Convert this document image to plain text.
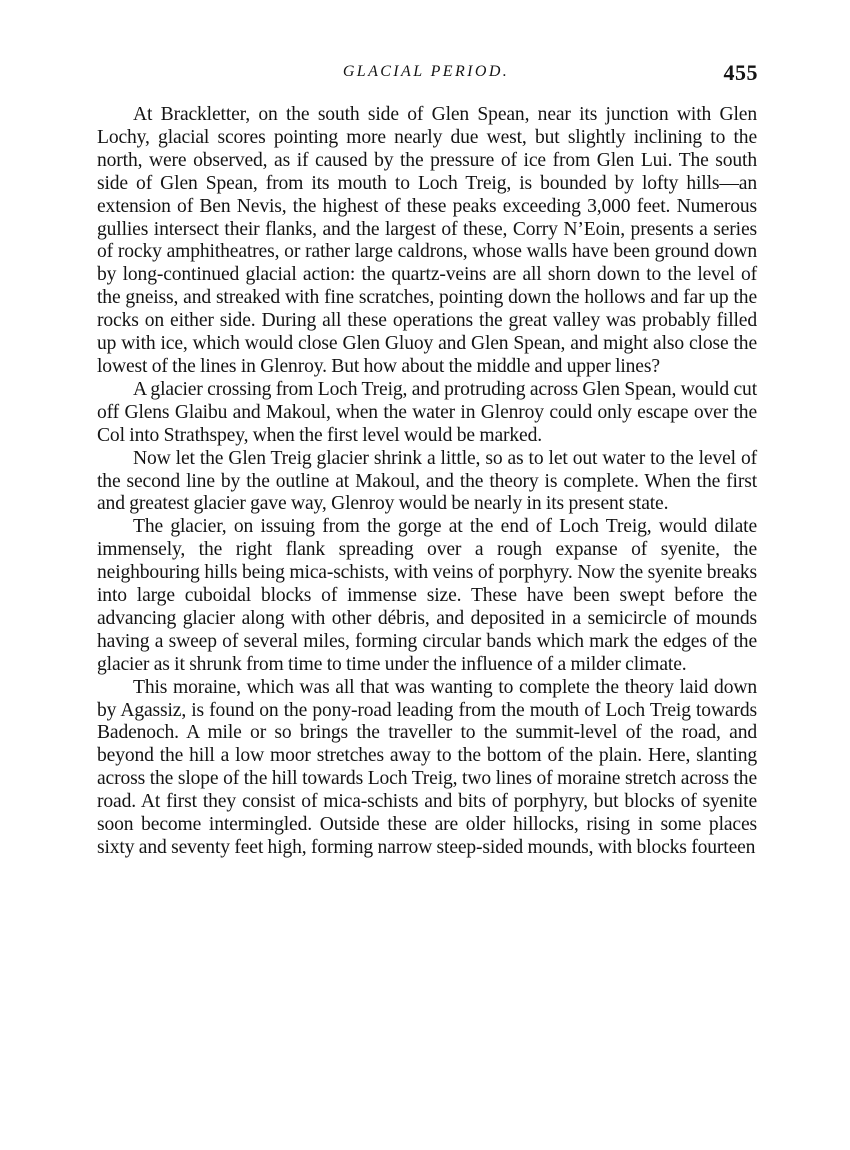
GLACIAL PERIOD.	455

At Brackletter, on the south side of Glen Spean, near its junction with Glen Lochy, glacial scores pointing more nearly due west, but slightly inclining to the north, were observed, as if caused by the pressure of ice from Glen Lui. The south side of Glen Spean, from its mouth to Loch Treig, is bounded by lofty hills—an extension of Ben Nevis, the highest of these peaks exceeding 3,000 feet. Numerous gullies intersect their flanks, and the largest of these, Corry N’Eoin, presents a series of rocky amphitheatres, or rather large caldrons, whose walls have been ground down by long-continued glacial action: the quartz-veins are all shorn down to the level of the gneiss, and streaked with fine scratches, pointing down the hollows and far up the rocks on either side. During all these operations the great valley was probably filled up with ice, which would close Glen Gluoy and Glen Spean, and might also close the lowest of the lines in Glenroy. But how about the middle and upper lines?

A glacier crossing from Loch Treig, and protruding across Glen Spean, would cut off Glens Glaibu and Makoul, when the water in Glenroy could only escape over the Col into Strathspey, when the first level would be marked.

Now let the Glen Treig glacier shrink a little, so as to let out water to the level of the second line by the outline at Makoul, and the theory is complete. When the first and greatest glacier gave way, Glenroy would be nearly in its present state.

The glacier, on issuing from the gorge at the end of Loch Treig, would dilate immensely, the right flank spreading over a rough expanse of syenite, the neighbouring hills being mica-schists, with veins of porphyry. Now the syenite breaks into large cuboidal blocks of immense size. These have been swept before the advancing glacier along with other débris, and deposited in a semicircle of mounds having a sweep of several miles, forming circular bands which mark the edges of the glacier as it shrunk from time to time under the influence of a milder climate.

This moraine, which was all that was wanting to complete the theory laid down by Agassiz, is found on the pony-road leading from the mouth of Loch Treig towards Badenoch. A mile or so brings the traveller to the summit-level of the road, and beyond the hill a low moor stretches away to the bottom of the plain. Here, slanting across the slope of the hill towards Loch Treig, two lines of moraine stretch across the road. At first they consist of mica-schists and bits of porphyry, but blocks of syenite soon become intermingled. Outside these are older hillocks, rising in some places sixty and seventy feet high, forming narrow steep-sided mounds, with blocks fourteen
